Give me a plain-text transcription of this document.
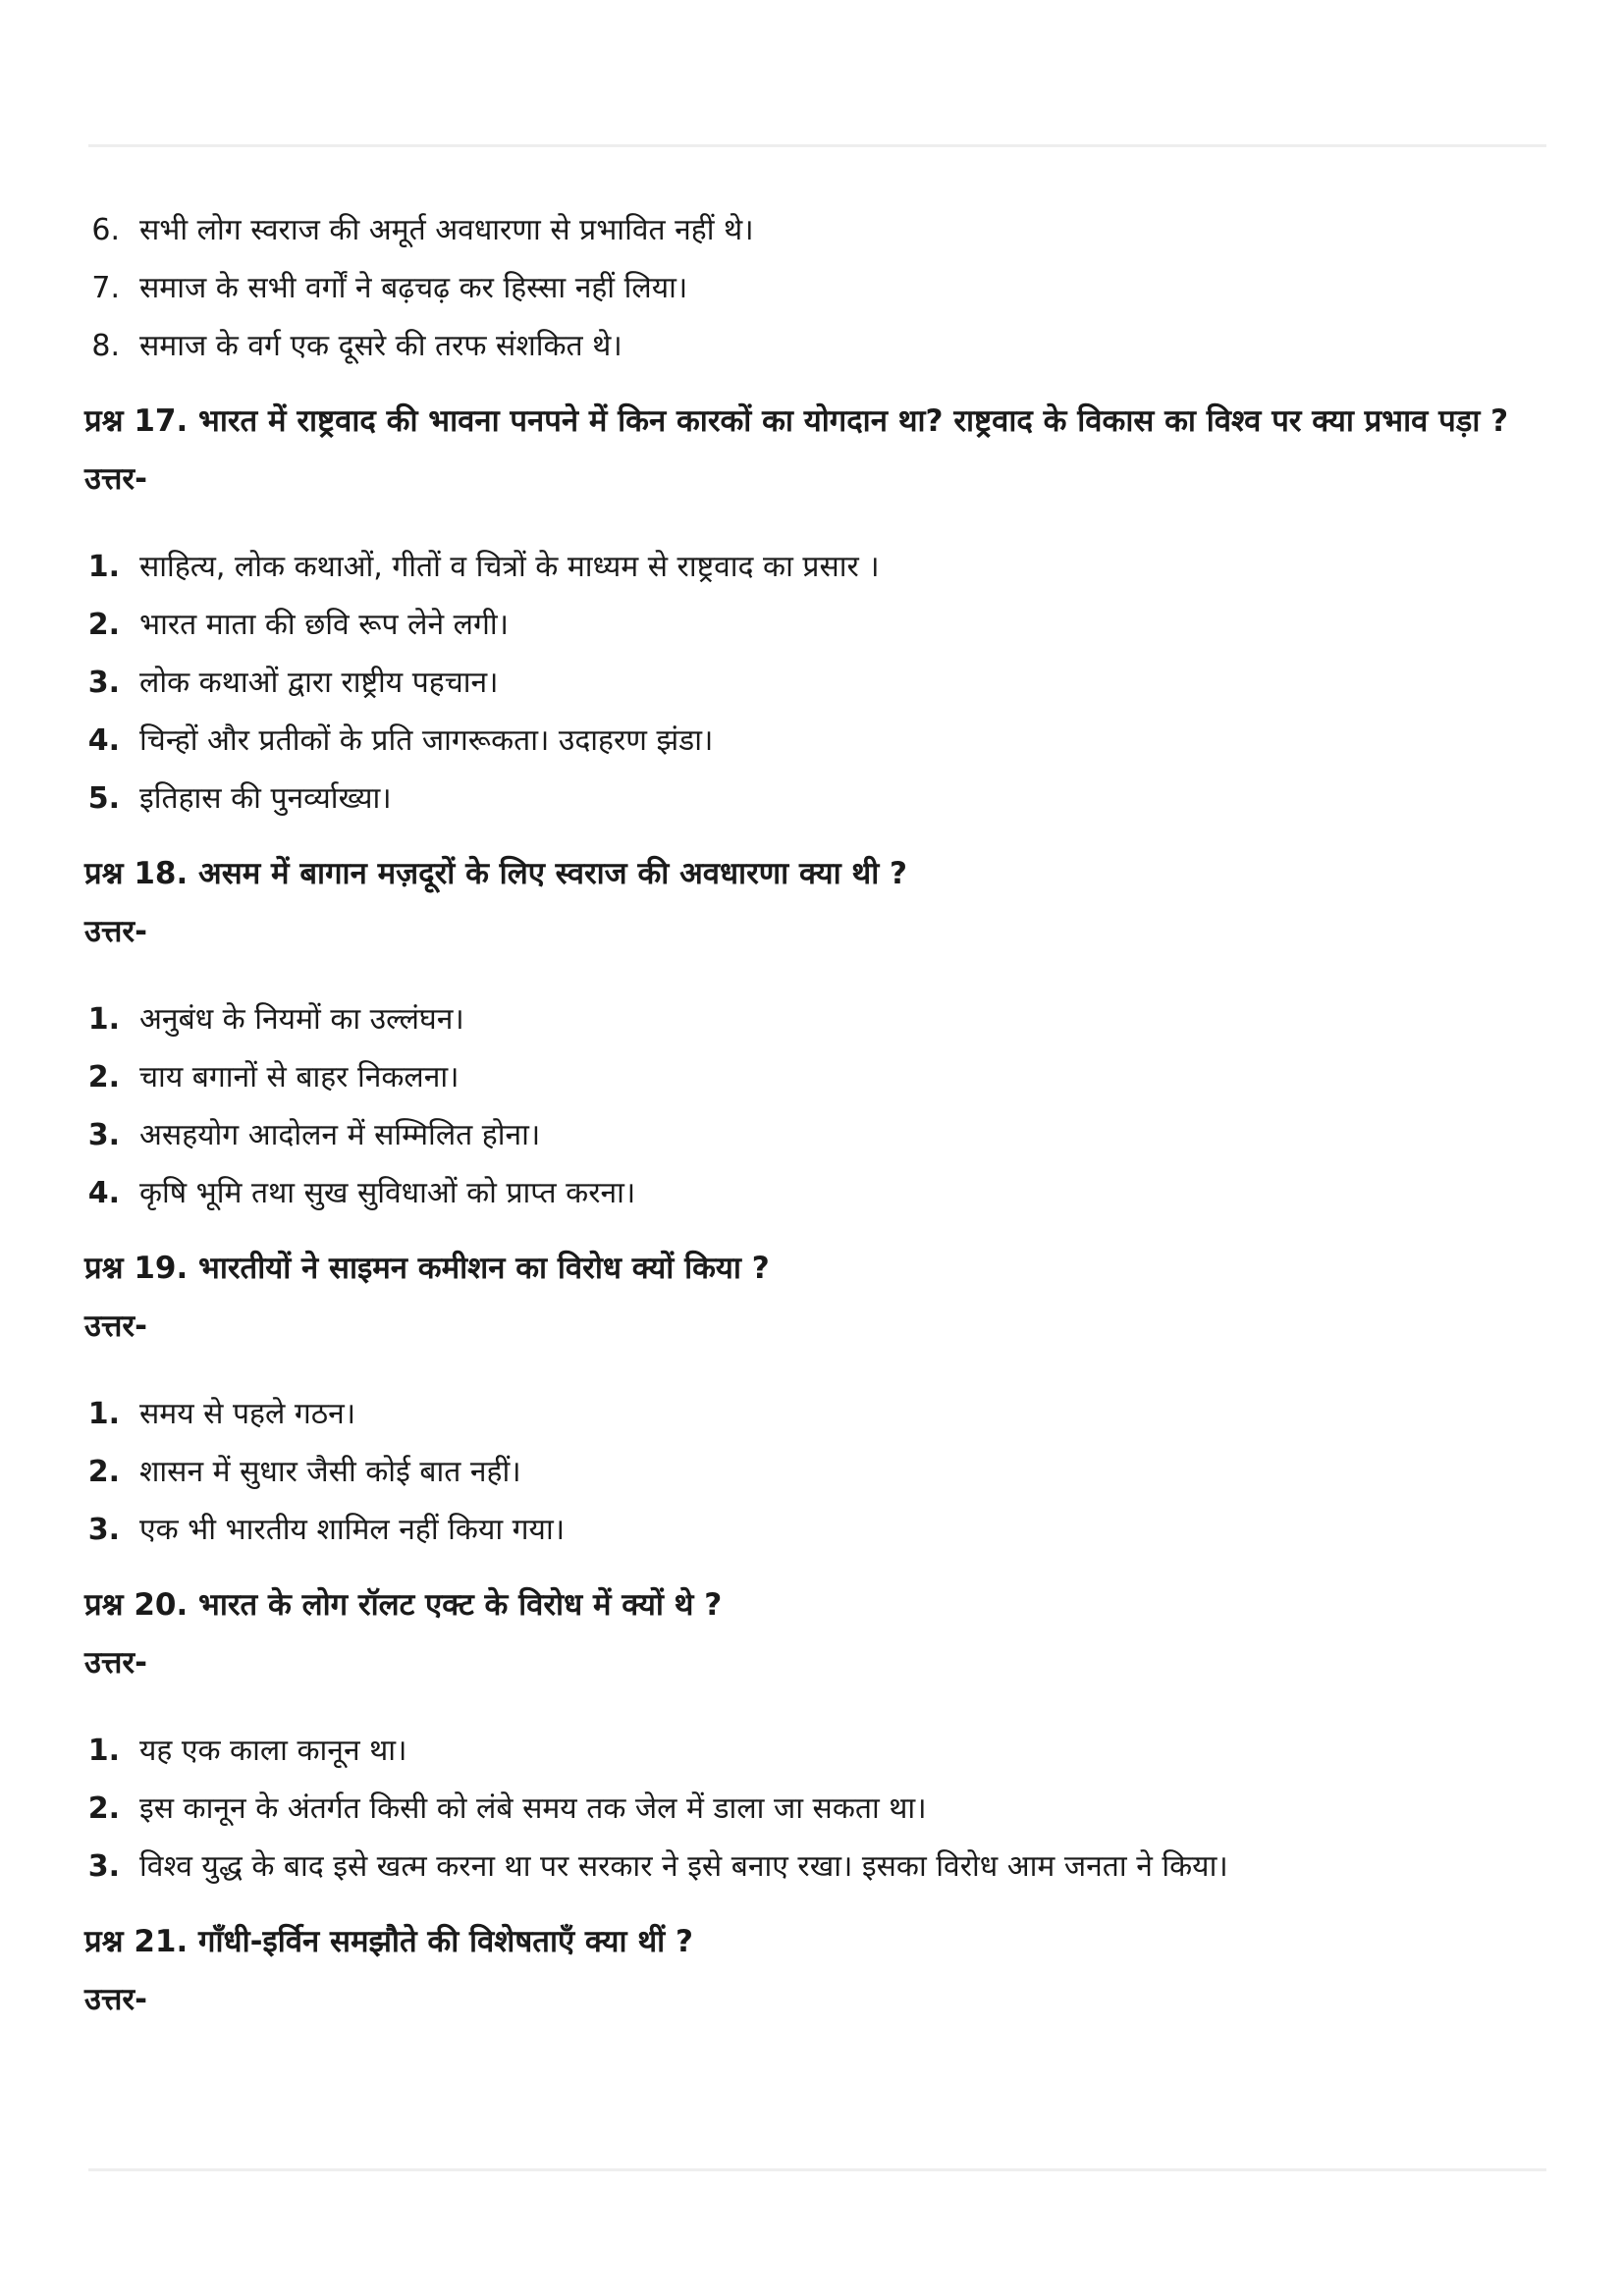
6. सभी लोग स्वराज की अमूर्त अवधारणा से प्रभावित नहीं थे।
7. समाज के सभी वर्गों ने बढ़चढ़ कर हिस्सा नहीं लिया।
8. समाज के वर्ग एक दूसरे की तरफ संशकित थे।
प्रश्न 17. भारत में राष्ट्रवाद की भावना पनपने में किन कारकों का योगदान था? राष्ट्रवाद के विकास का विश्व पर क्या प्रभाव पड़ा ?
उत्तर-
1. साहित्य, लोक कथाओं, गीतों व चित्रों के माध्यम से राष्ट्रवाद का प्रसार ।
2. भारत माता की छवि रूप लेने लगी।
3. लोक कथाओं द्वारा राष्ट्रीय पहचान।
4. चिन्हों और प्रतीकों के प्रति जागरूकता। उदाहरण झंडा।
5. इतिहास की पुनर्व्याख्या।
प्रश्न 18. असम में बागान मज़दूरों के लिए स्वराज की अवधारणा क्या थी ?
उत्तर-
1. अनुबंध के नियमों का उल्लंघन।
2. चाय बगानों से बाहर निकलना।
3. असहयोग आदोलन में सम्मिलित होना।
4. कृषि भूमि तथा सुख सुविधाओं को प्राप्त करना।
प्रश्न 19. भारतीयों ने साइमन कमीशन का विरोध क्यों किया ?
उत्तर-
1. समय से पहले गठन।
2. शासन में सुधार जैसी कोई बात नहीं।
3. एक भी भारतीय शामिल नहीं किया गया।
प्रश्न 20. भारत के लोग रॉलट एक्ट के विरोध में क्यों थे ?
उत्तर-
1. यह एक काला कानून था।
2. इस कानून के अंतर्गत किसी को लंबे समय तक जेल में डाला जा सकता था।
3. विश्व युद्ध के बाद इसे खत्म करना था पर सरकार ने इसे बनाए रखा। इसका विरोध आम जनता ने किया।
प्रश्न 21. गाँधी-इर्विन समझौते की विशेषताएँ क्या थीं ?
उत्तर-
